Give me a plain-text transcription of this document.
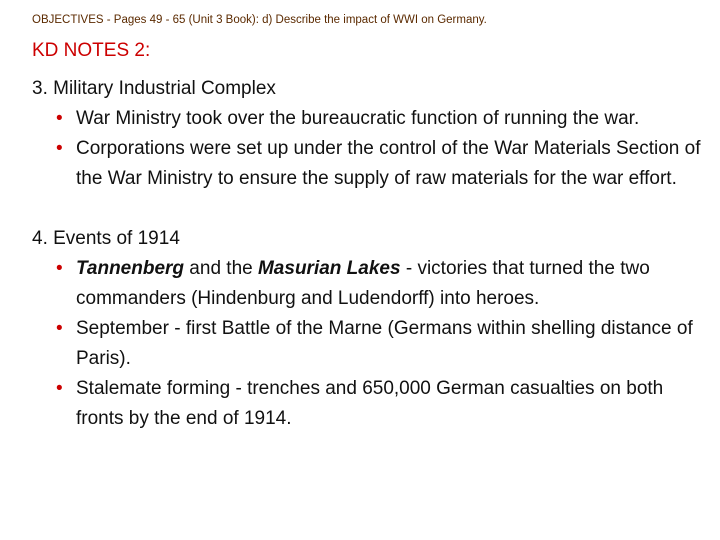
OBJECTIVES - Pages 49 - 65 (Unit 3 Book): d) Describe the impact of WWI on Germany.
KD NOTES 2:
3. Military Industrial Complex
• War Ministry took over the bureaucratic function of running the war.
• Corporations were set up under the control of the War Materials Section of the War Ministry to ensure the supply of raw materials for the war effort.
4. Events of 1914
• Tannenberg and the Masurian Lakes - victories that turned the two commanders (Hindenburg and Ludendorff) into heroes.
• September - first Battle of the Marne (Germans within shelling distance of Paris).
• Stalemate forming - trenches and 650,000 German casualties on both fronts by the end of 1914.
